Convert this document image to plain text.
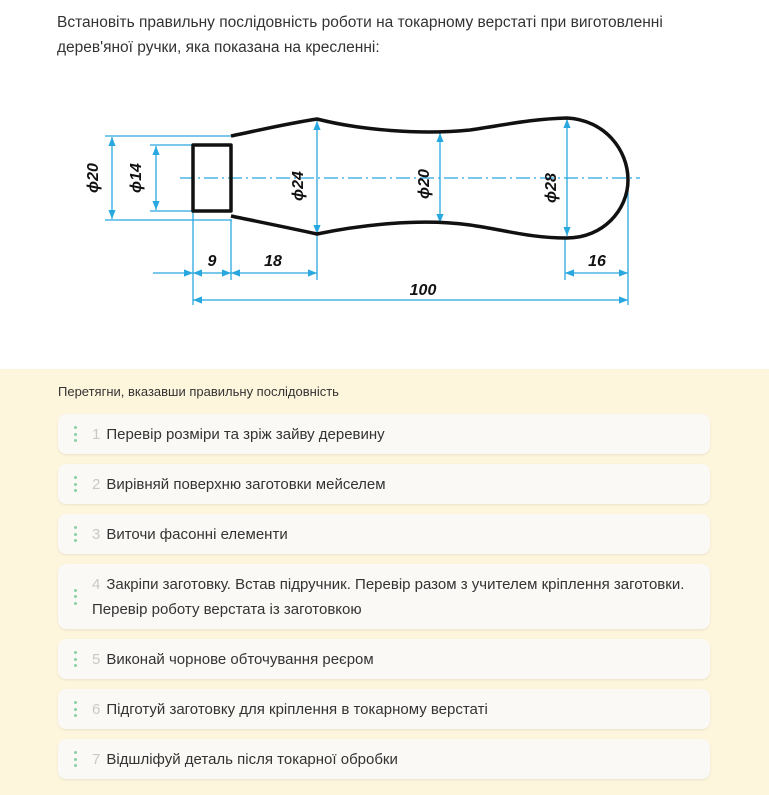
Встановіть правильну послідовність роботи на токарному верстаті при виготовленні дерев'яної ручки, яка показана на кресленні:
ϕ20 ϕ14	ϕ24	ϕ20	ϕ28
9	18	16
100
Перетягни, вказавши правильну послідовність
1 Перевір розміри та зріж зайву деревину
2 Вирівняй поверхню заготовки мейселем
3 Виточи фасонні елементи
4 Закріпи заготовку. Встав підручник. Перевір разом з учителем кріплення заготовки. Перевір роботу верстата із заготовкою
5 Виконай чорнове обточування реєром
6 Підготуй заготовку для кріплення в токарному верстаті
7 Відшліфуй деталь після токарної обробки
